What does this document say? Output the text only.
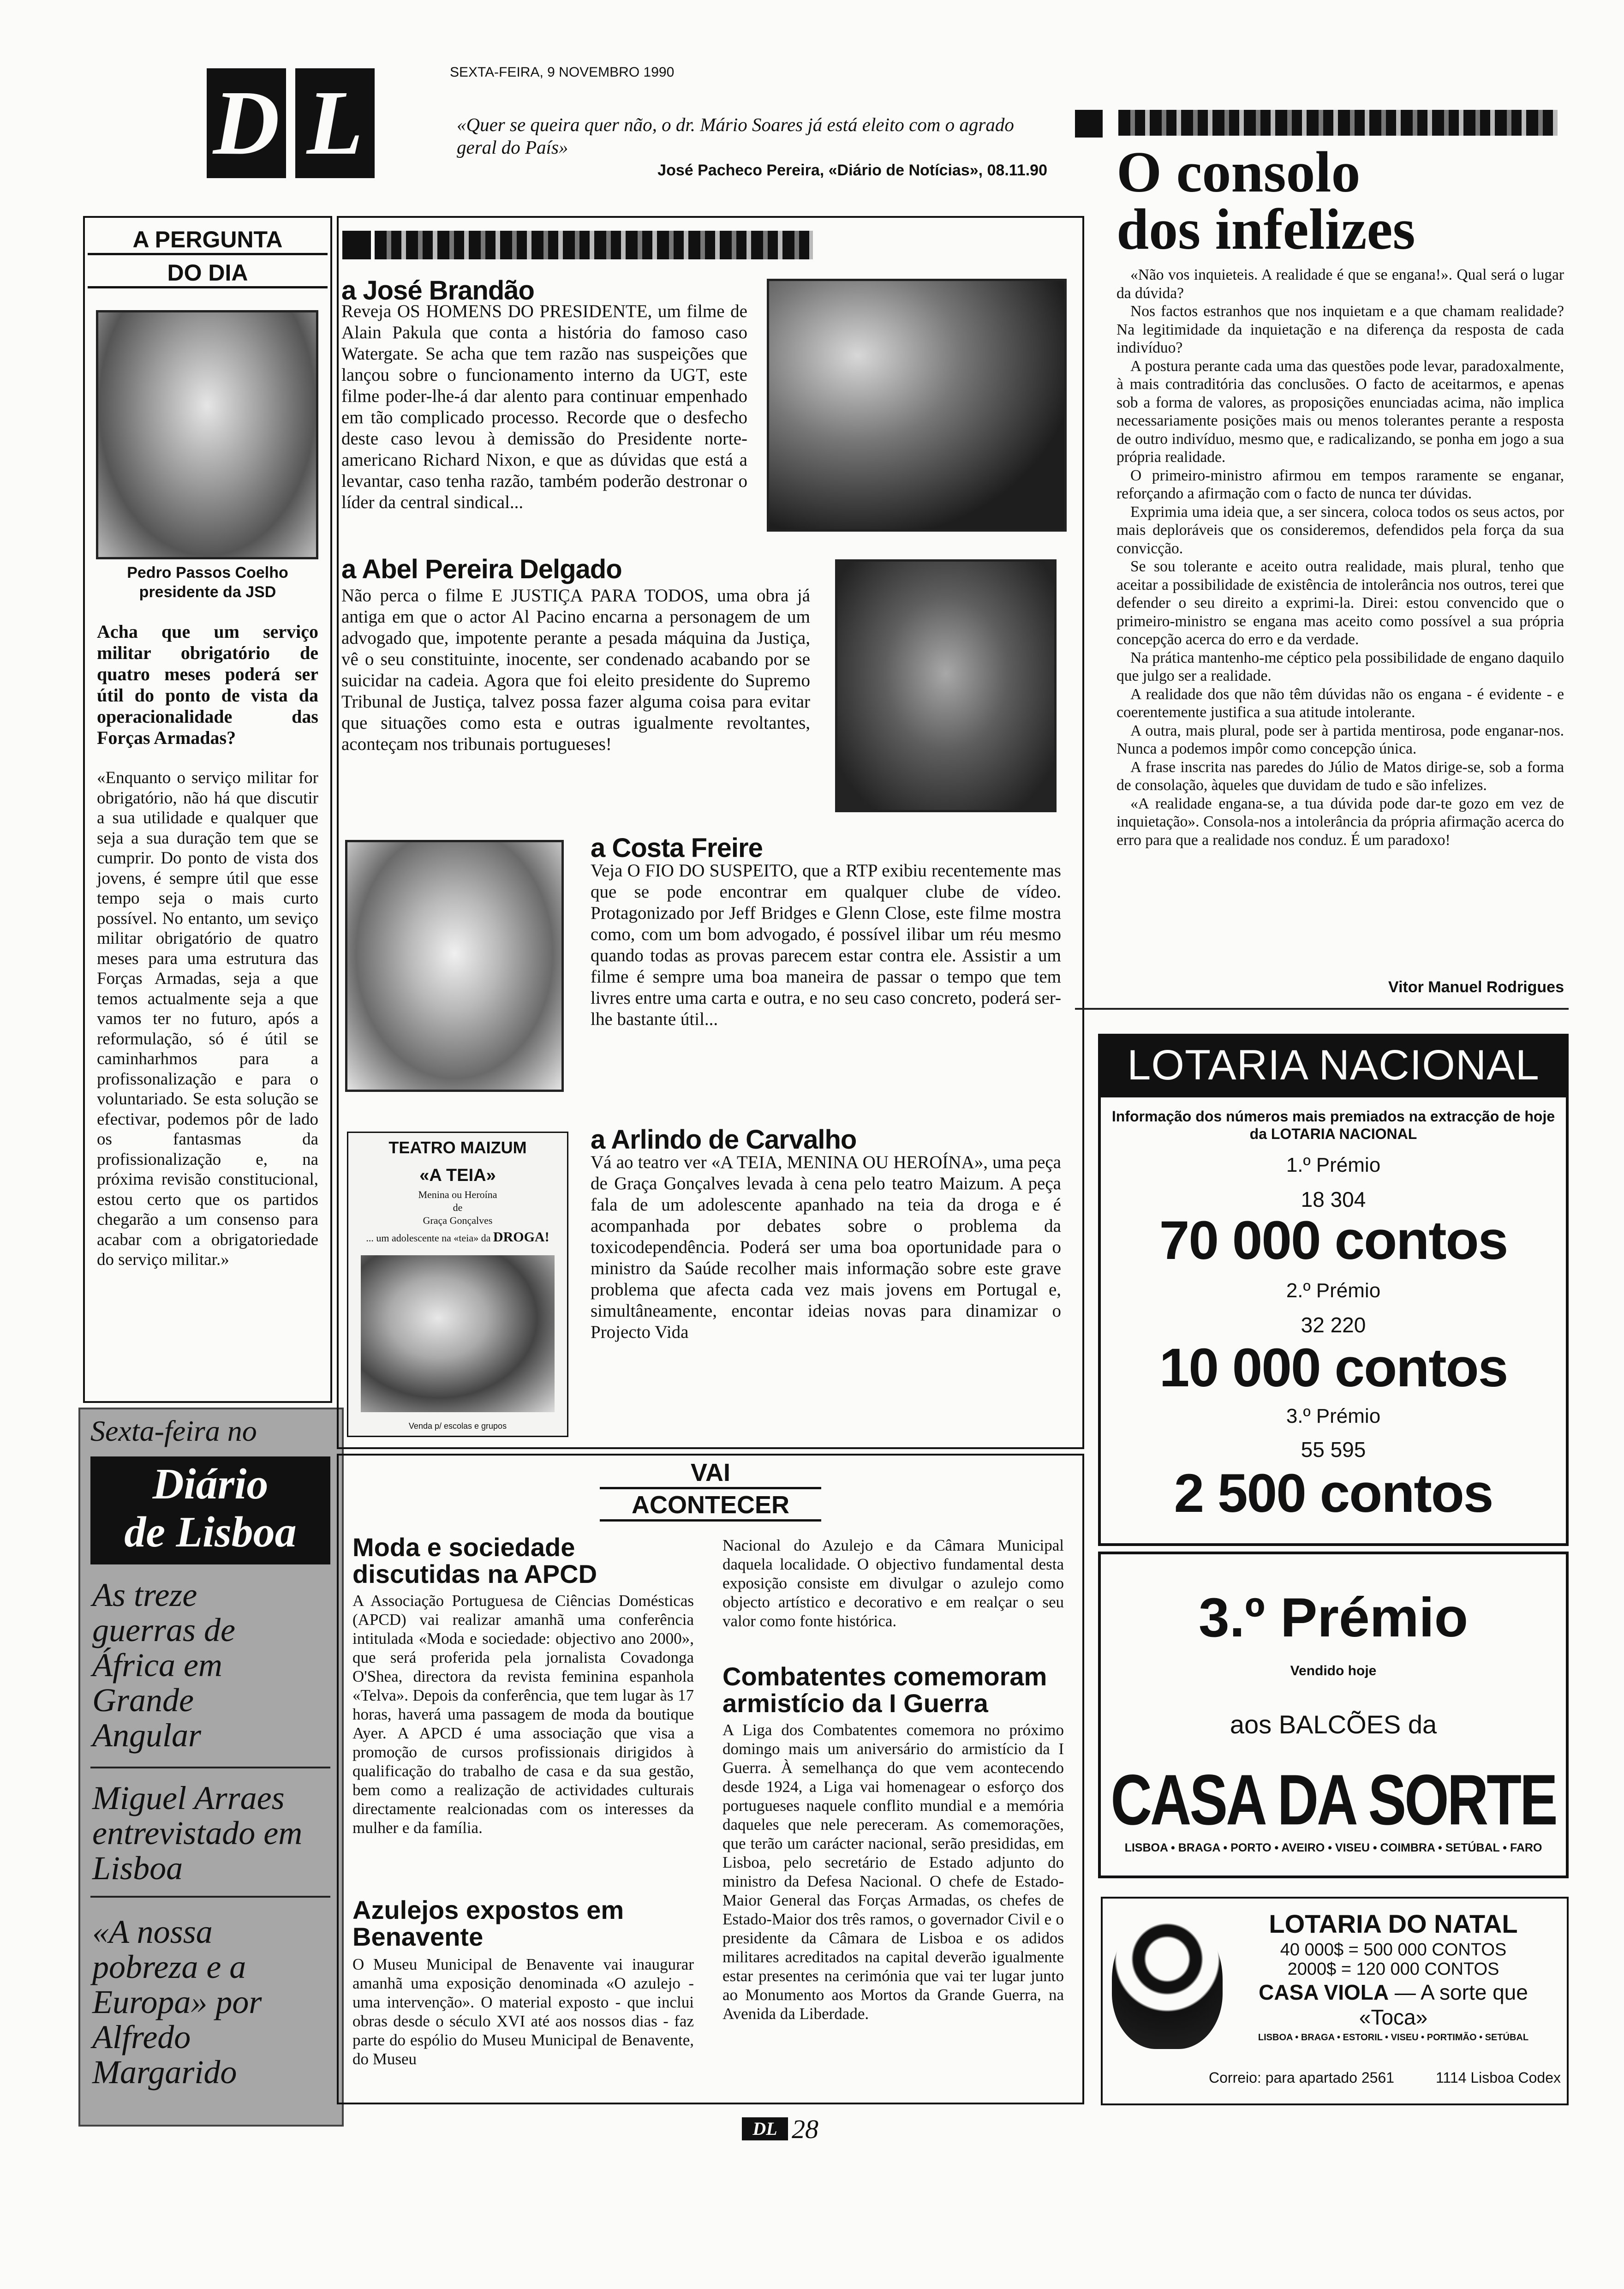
D L	SEXTA-FEIRA, 9 NOVEMBRO 1990
«Quer se queira quer não, o dr. Mário Soares já está eleito com o agrado geral do País»
José Pacheco Pereira, «Diário de Notícias», 08.11.90
A PERGUNTA
DO DIA
Pedro Passos Coelho
presidente da JSD
Acha que um serviço militar obrigatório de quatro meses poderá ser útil do ponto de vista da operacionalidade das Forças Armadas?
«Enquanto o serviço militar for obrigatório, não há que discutir a sua utilidade e qualquer que seja a sua duração tem que se cumprir. Do ponto de vista dos jovens, é sempre útil que esse tempo seja o mais curto possível. No entanto, um seviço militar obrigatório de quatro meses para uma estrutura das Forças Armadas, seja a que temos actualmente seja a que vamos ter no futuro, após a reformulação, só é útil se caminharhmos para a profissonalização e para o voluntariado. Se esta solução se efectivar, podemos pôr de lado os fantasmas da profissionalização e, na próxima revisão constitucional, estou certo que os partidos chegarão a um consenso para acabar com a obrigatoriedade do serviço militar.»
Sexta-feira no
Diário
de Lisboa
As treze guerras de África em Grande Angular
Miguel Arraes entrevistado em Lisboa
«A nossa pobreza e a Europa» por Alfredo Margarido
a José Brandão
Reveja OS HOMENS DO PRESIDENTE, um filme de Alain Pakula que conta a história do famoso caso Watergate. Se acha que tem razão nas suspeições que lançou sobre o funcionamento interno da UGT, este filme poder-lhe-á dar alento para continuar empenhado em tão complicado processo. Recorde que o desfecho deste caso levou à demissão do Presidente norte-americano Richard Nixon, e que as dúvidas que está a levantar, caso tenha razão, também poderão destronar o líder da central sindical...
a Abel Pereira Delgado
Não perca o filme E JUSTIÇA PARA TODOS, uma obra já antiga em que o actor Al Pacino encarna a personagem de um advogado que, impotente perante a pesada máquina da Justiça, vê o seu constituinte, inocente, ser condenado acabando por se suicidar na cadeia. Agora que foi eleito presidente do Supremo Tribunal de Justiça, talvez possa fazer alguma coisa para evitar que situações como esta e outras igualmente revoltantes, aconteçam nos tribunais portugueses!
a Costa Freire
Veja O FIO DO SUSPEITO, que a RTP exibiu recentemente mas que se pode encontrar em qualquer clube de vídeo. Protagonizado por Jeff Bridges e Glenn Close, este filme mostra como, com um bom advogado, é possível ilibar um réu mesmo quando todas as provas parecem estar contra ele. Assistir a um filme é sempre uma boa maneira de passar o tempo que tem livres entre uma carta e outra, e no seu caso concreto, poderá ser-lhe bastante útil...
TEATRO MAIZUM
«A TEIA»
Menina ou Heroína
de
Graça Gonçalves
... um adolescente na «teia» da DROGA!
Venda p/ escolas e grupos
a Arlindo de Carvalho
Vá ao teatro ver «A TEIA, MENINA OU HEROÍNA», uma peça de Graça Gonçalves levada à cena pelo teatro Maizum. A peça fala de um adolescente apanhado na teia da droga e é acompanhada por debates sobre o problema da toxicodependência. Poderá ser uma boa oportunidade para o ministro da Saúde recolher mais informação sobre este grave problema que afecta cada vez mais jovens em Portugal e, simultâneamente, encontar ideias novas para dinamizar o Projecto Vida
VAI
ACONTECER
Moda e sociedade discutidas na APCD
A Associação Portuguesa de Ciências Domésticas (APCD) vai realizar amanhã uma conferência intitulada «Moda e sociedade: objectivo ano 2000», que será proferida pela jornalista Covadonga O'Shea, directora da revista feminina espanhola «Telva». Depois da conferência, que tem lugar às 17 horas, haverá uma passagem de moda da boutique Ayer. A APCD é uma associação que visa a promoção de cursos profissionais dirigidos à qualificação do trabalho de casa e da sua gestão, bem como a realização de actividades culturais directamente realcionadas com os interesses da mulher e da família.
Azulejos expostos em Benavente
O Museu Municipal de Benavente vai inaugurar amanhã uma exposição denominada «O azulejo - uma intervenção». O material exposto - que inclui obras desde o século XVI até aos nossos dias - faz parte do espólio do Museu Municipal de Benavente, do Museu
Nacional do Azulejo e da Câmara Municipal daquela localidade. O objectivo fundamental desta exposição consiste em divulgar o azulejo como objecto artístico e decorativo e em realçar o seu valor como fonte histórica.
Combatentes comemoram armistício da I Guerra
A Liga dos Combatentes comemora no próximo domingo mais um aniversário do armistício da I Guerra. À semelhança do que vem acontecendo desde 1924, a Liga vai homenagear o esforço dos portugueses naquele conflito mundial e a memória daqueles que nele pereceram. As comemorações, que terão um carácter nacional, serão presididas, em Lisboa, pelo secretário de Estado adjunto do ministro da Defesa Nacional. O chefe de Estado-Maior General das Forças Armadas, os chefes de Estado-Maior dos três ramos, o governador Civil e o presidente da Câmara de Lisboa e os adidos militares acreditados na capital deverão igualmente estar presentes na cerimónia que vai ter lugar junto ao Monumento aos Mortos da Grande Guerra, na Avenida da Liberdade.
O consolo dos infelizes

«Não vos inquieteis. A realidade é que se engana!». Qual será o lugar da dúvida?

Nos factos estranhos que nos inquietam e a que chamam realidade? Na legitimidade da inquietação e na diferença da resposta de cada indivíduo?

A postura perante cada uma das questões pode levar, paradoxalmente, à mais contraditória das conclusões. O facto de aceitarmos, e apenas sob a forma de valores, as proposições enunciadas acima, não implica necessariamente posições mais ou menos tolerantes perante a resposta de outro indivíduo, mesmo que, e radicalizando, se ponha em jogo a sua própria realidade.

O primeiro-ministro afirmou em tempos raramente se enganar, reforçando a afirmação com o facto de nunca ter dúvidas.

Exprimia uma ideia que, a ser sincera, coloca todos os seus actos, por mais deploráveis que os consideremos, defendidos pela força da sua convicção.

Se sou tolerante e aceito outra realidade, mais plural, tenho que aceitar a possibilidade de existência de intolerância nos outros, terei que defender o seu direito a exprimi-la. Direi: estou convencido que o primeiro-ministro se engana mas aceito como possível a sua própria concepção acerca do erro e da verdade.

Na prática mantenho-me céptico pela possibilidade de engano daquilo que julgo ser a realidade.

A realidade dos que não têm dúvidas não os engana - é evidente - e coerentemente justifica a sua atitude intolerante.

A outra, mais plural, pode ser à partida mentirosa, pode enganar-nos. Nunca a podemos impôr como concepção única.

A frase inscrita nas paredes do Júlio de Matos dirige-se, sob a forma de consolação, àqueles que duvidam de tudo e são infelizes.

«A realidade engana-se, a tua dúvida pode dar-te gozo em vez de inquietação». Consola-nos a intolerância da própria afirmação acerca do erro para que a realidade nos conduz. É um paradoxo!

Vitor Manuel Rodrigues
LOTARIA NACIONAL
Informação dos números mais premiados na extracção de hoje da LOTARIA NACIONAL
1.º Prémio
18 304
70 000 contos
2.º Prémio
32 220
10 000 contos
3.º Prémio
55 595
2 500 contos
3.º Prémio
Vendido hoje
aos BALCÕES da
CASA DA SORTE
LISBOA • BRAGA • PORTO • AVEIRO • VISEU • COIMBRA • SETÚBAL • FARO
LOTARIA DO NATAL
40 000$ = 500 000 CONTOS
2000$ = 120 000 CONTOS
CASA VIOLA — A sorte que «Toca»
LISBOA • BRAGA • ESTORIL • VISEU • PORTIMÃO • SETÚBAL
Correio: para apartado 2561	1114 Lisboa Codex
DL 28
